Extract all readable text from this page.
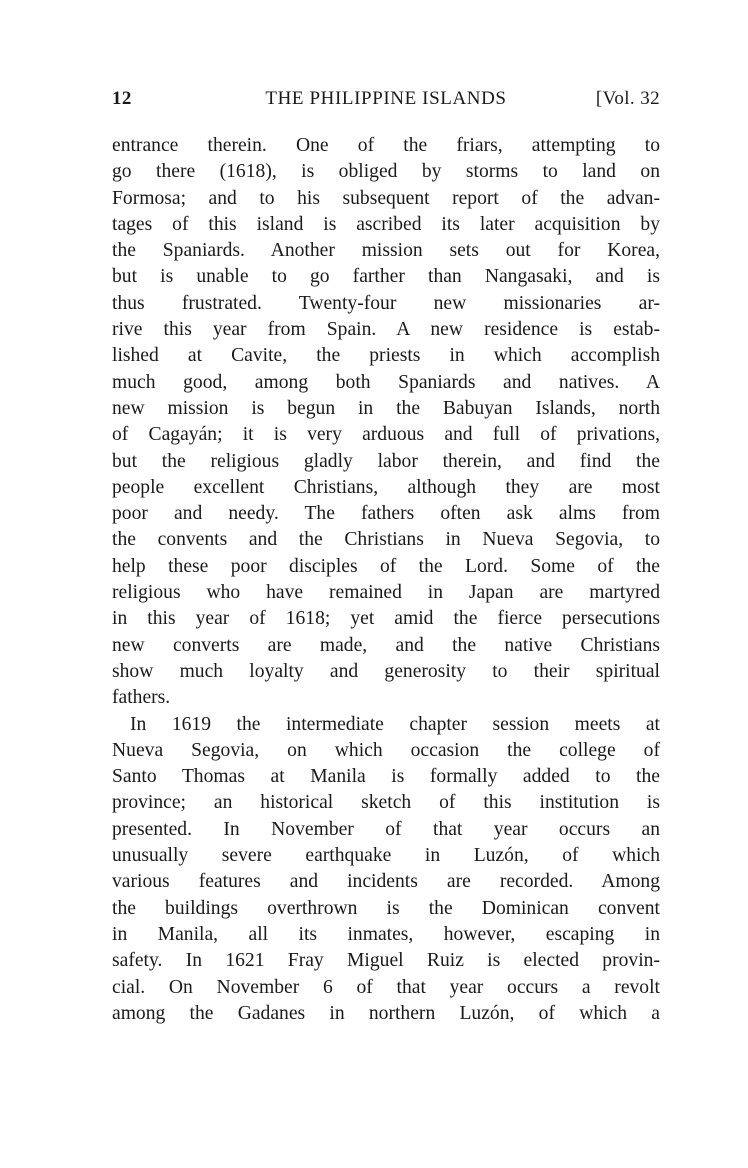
12	THE PHILIPPINE ISLANDS	[Vol. 32
entrance therein. One of the friars, attempting to
go there (1618), is obliged by storms to land on
Formosa; and to his subsequent report of the advan-
tages of this island is ascribed its later acquisition by
the Spaniards. Another mission sets out for Korea,
but is unable to go farther than Nangasaki, and is
thus frustrated. Twenty-four new missionaries ar-
rive this year from Spain. A new residence is estab-
lished at Cavite, the priests in which accomplish
much good, among both Spaniards and natives. A
new mission is begun in the Babuyan Islands, north
of Cagayán; it is very arduous and full of privations,
but the religious gladly labor therein, and find the
people excellent Christians, although they are most
poor and needy. The fathers often ask alms from
the convents and the Christians in Nueva Segovia, to
help these poor disciples of the Lord. Some of the
religious who have remained in Japan are martyred
in this year of 1618; yet amid the fierce persecutions
new converts are made, and the native Christians
show much loyalty and generosity to their spiritual
fathers.
In 1619 the intermediate chapter session meets at
Nueva Segovia, on which occasion the college of
Santo Thomas at Manila is formally added to the
province; an historical sketch of this institution is
presented. In November of that year occurs an
unusually severe earthquake in Luzón, of which
various features and incidents are recorded. Among
the buildings overthrown is the Dominican convent
in Manila, all its inmates, however, escaping in
safety. In 1621 Fray Miguel Ruiz is elected provin-
cial. On November 6 of that year occurs a revolt
among the Gadanes in northern Luzón, of which a
